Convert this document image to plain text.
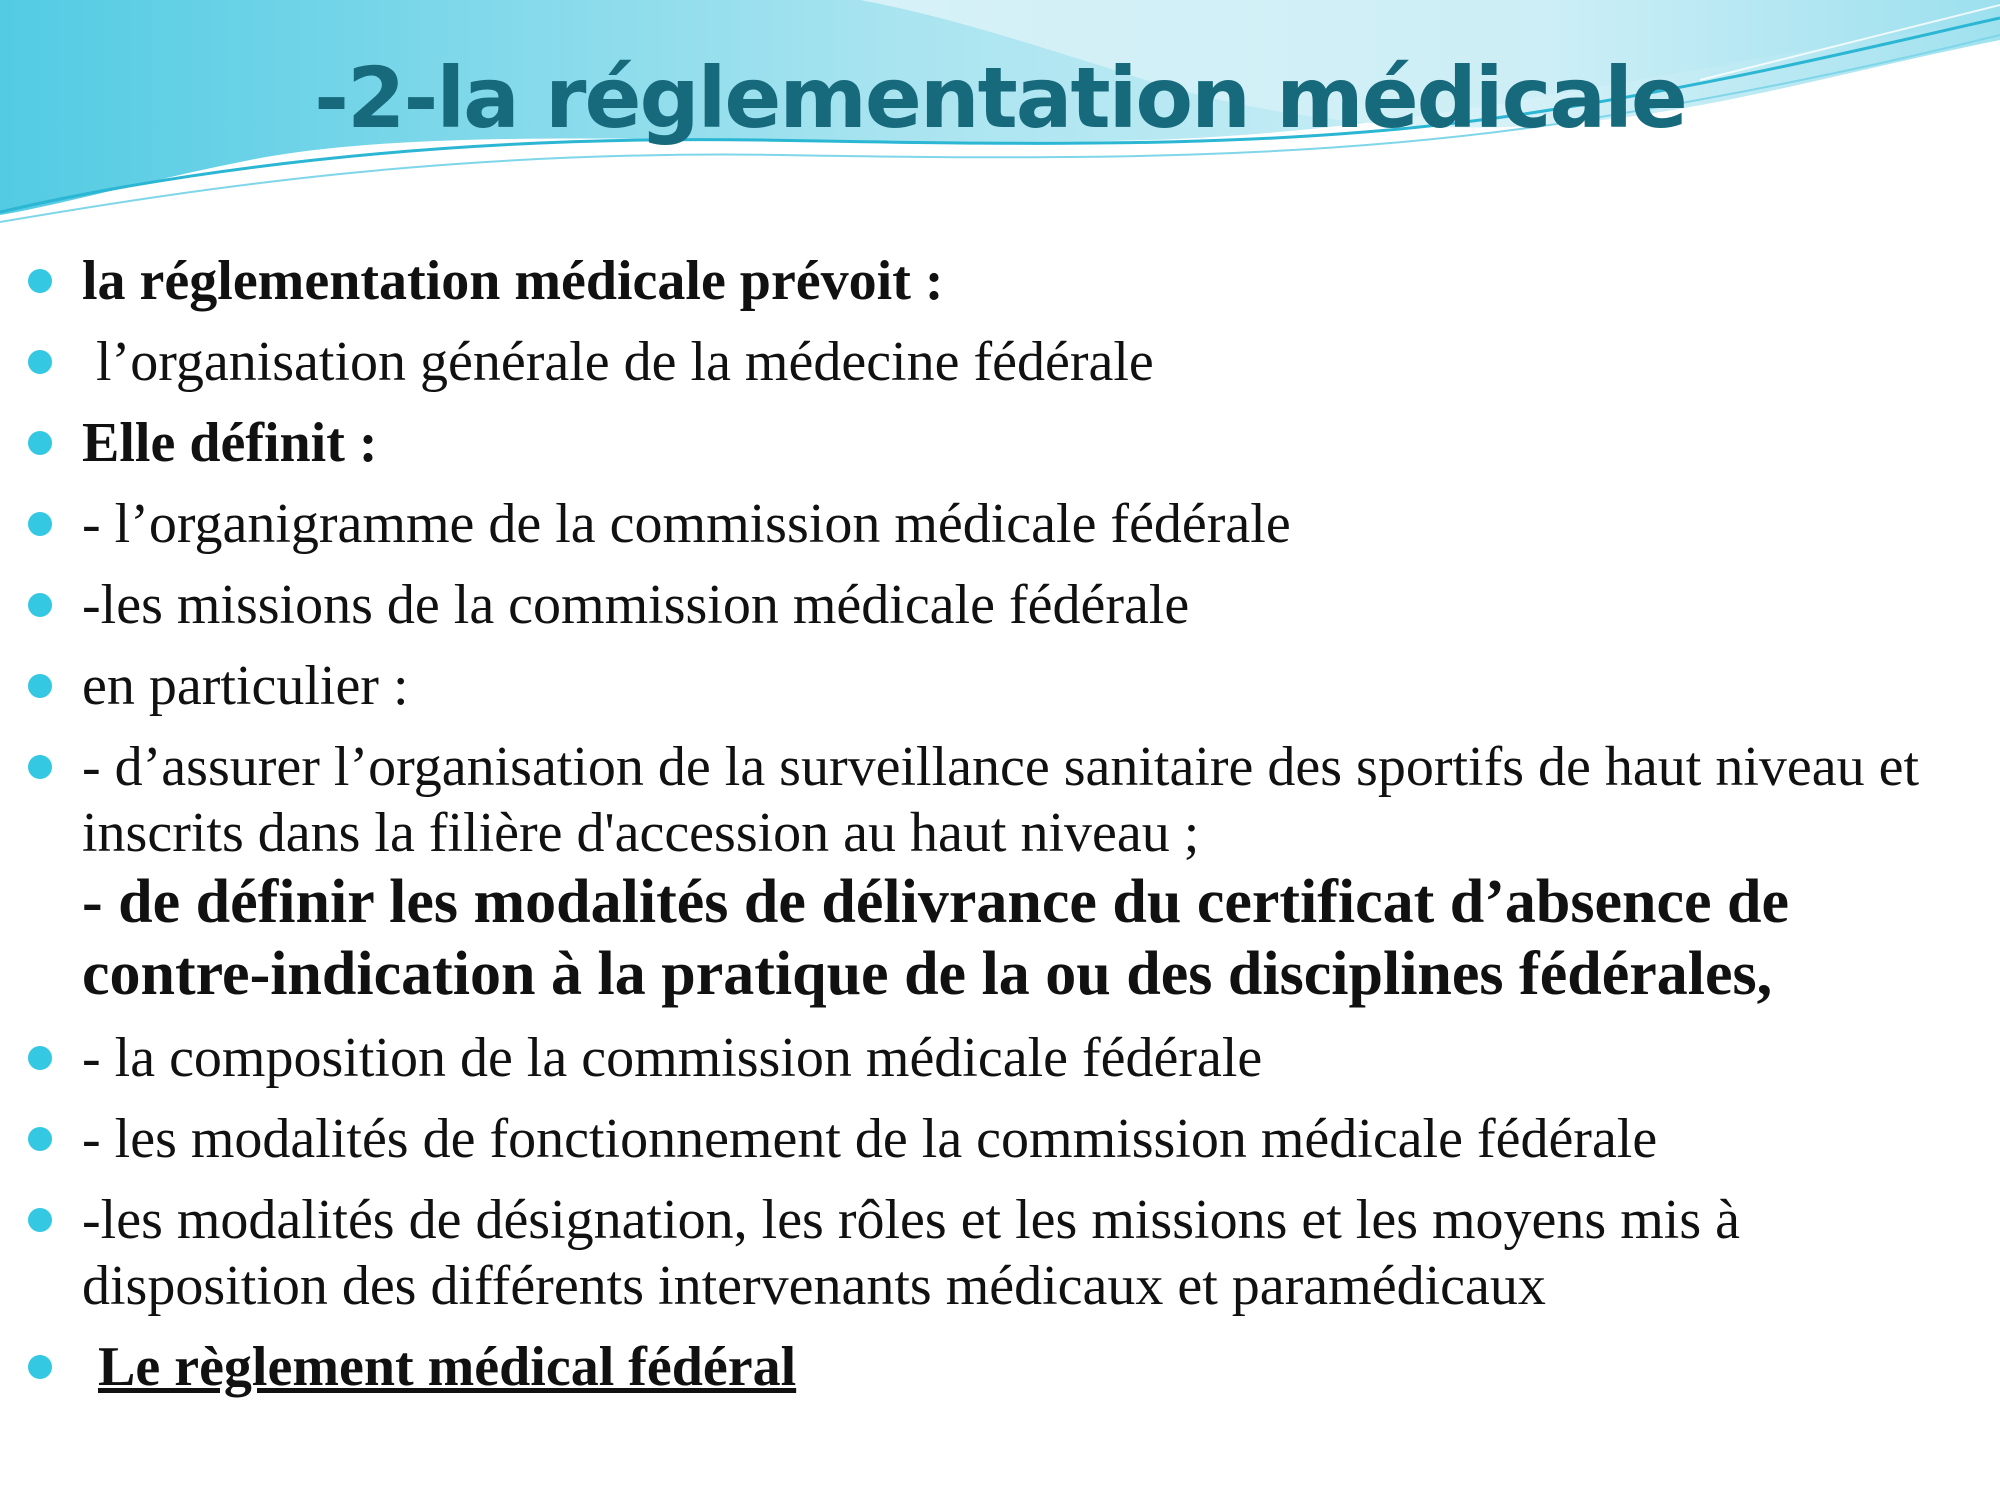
-2-la réglementation médicale
la réglementation médicale prévoit :
l’organisation générale de la médecine fédérale
Elle définit :
- l’organigramme de la commission médicale fédérale
-les missions de la commission médicale fédérale
en particulier :
- d’assurer l’organisation de la surveillance sanitaire des sportifs de haut niveau et inscrits dans la filière d'accession au haut niveau ;
- de définir les modalités de délivrance du certificat d’absence de contre-indication à la pratique de la ou des disciplines fédérales,
- la composition de la commission médicale fédérale
- les modalités de fonctionnement de la commission médicale fédérale
-les modalités de désignation, les rôles et les missions et les moyens mis à disposition des différents intervenants médicaux et paramédicaux
Le règlement médical fédéral
